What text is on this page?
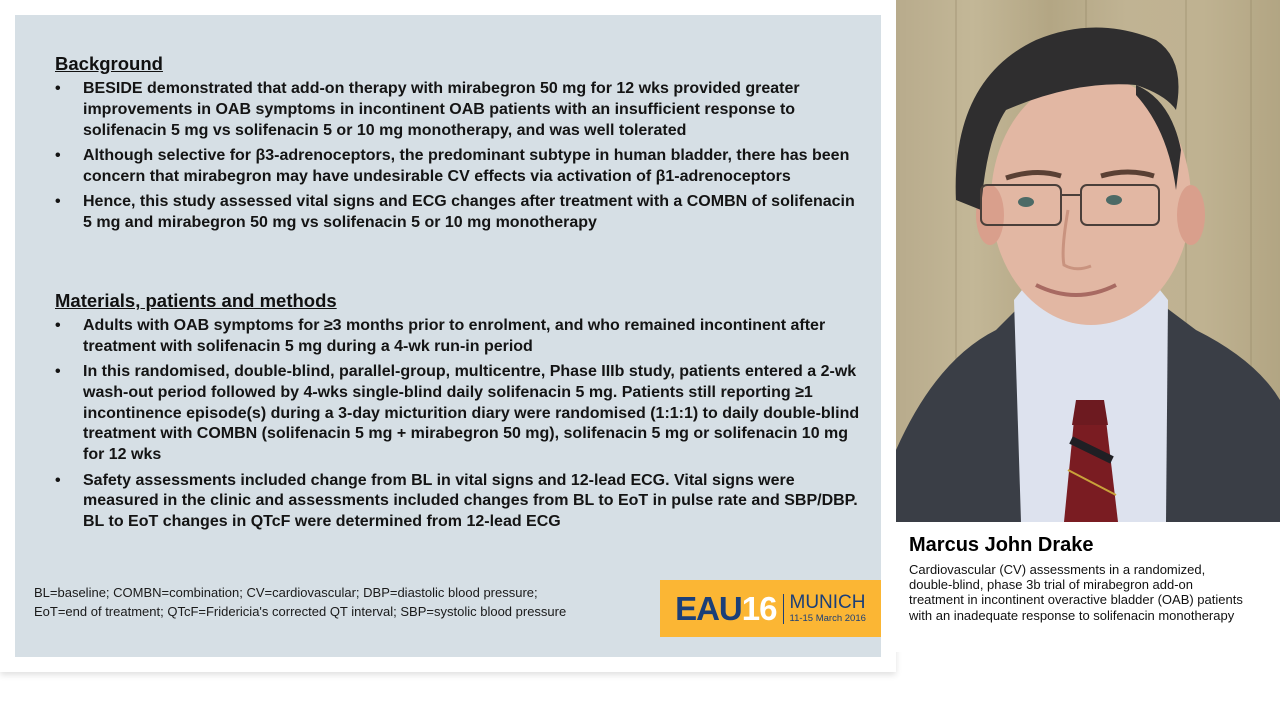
Background
• BESIDE demonstrated that add-on therapy with mirabegron 50 mg for 12 wks provided greater improvements in OAB symptoms in incontinent OAB patients with an insufficient response to solifenacin 5 mg vs solifenacin 5 or 10 mg monotherapy, and was well tolerated
• Although selective for β3-adrenoceptors, the predominant subtype in human bladder, there has been concern that mirabegron may have undesirable CV effects via activation of β1-adrenoceptors
• Hence, this study assessed vital signs and ECG changes after treatment with a COMBN of solifenacin 5 mg and mirabegron 50 mg vs solifenacin 5 or 10 mg monotherapy
Materials, patients and methods
• Adults with OAB symptoms for ≥3 months prior to enrolment, and who remained incontinent after treatment with solifenacin 5 mg during a 4-wk run-in period
• In this randomised, double-blind, parallel-group, multicentre, Phase IIIb study, patients entered a 2-wk wash-out period followed by 4-wks single-blind daily solifenacin 5 mg. Patients still reporting ≥1 incontinence episode(s) during a 3-day micturition diary were randomised (1:1:1) to daily double-blind treatment with COMBN (solifenacin 5 mg + mirabegron 50 mg), solifenacin 5 mg or solifenacin 10 mg for 12 wks
• Safety assessments included change from BL in vital signs and 12-lead ECG. Vital signs were measured in the clinic and assessments included changes from BL to EoT in pulse rate and SBP/DBP. BL to EoT changes in QTcF were determined from 12-lead ECG
BL=baseline; COMBN=combination; CV=cardiovascular; DBP=diastolic blood pressure;
EoT=end of treatment; QTcF=Fridericia's corrected QT interval; SBP=systolic blood pressure	EAU 16 MUNICH
11-15 March 2016
Marcus John Drake
Cardiovascular (CV) assessments in a randomized, double-blind, phase 3b trial of mirabegron add-on treatment in incontinent overactive bladder (OAB) patients with an inadequate response to solifenacin monotherapy
